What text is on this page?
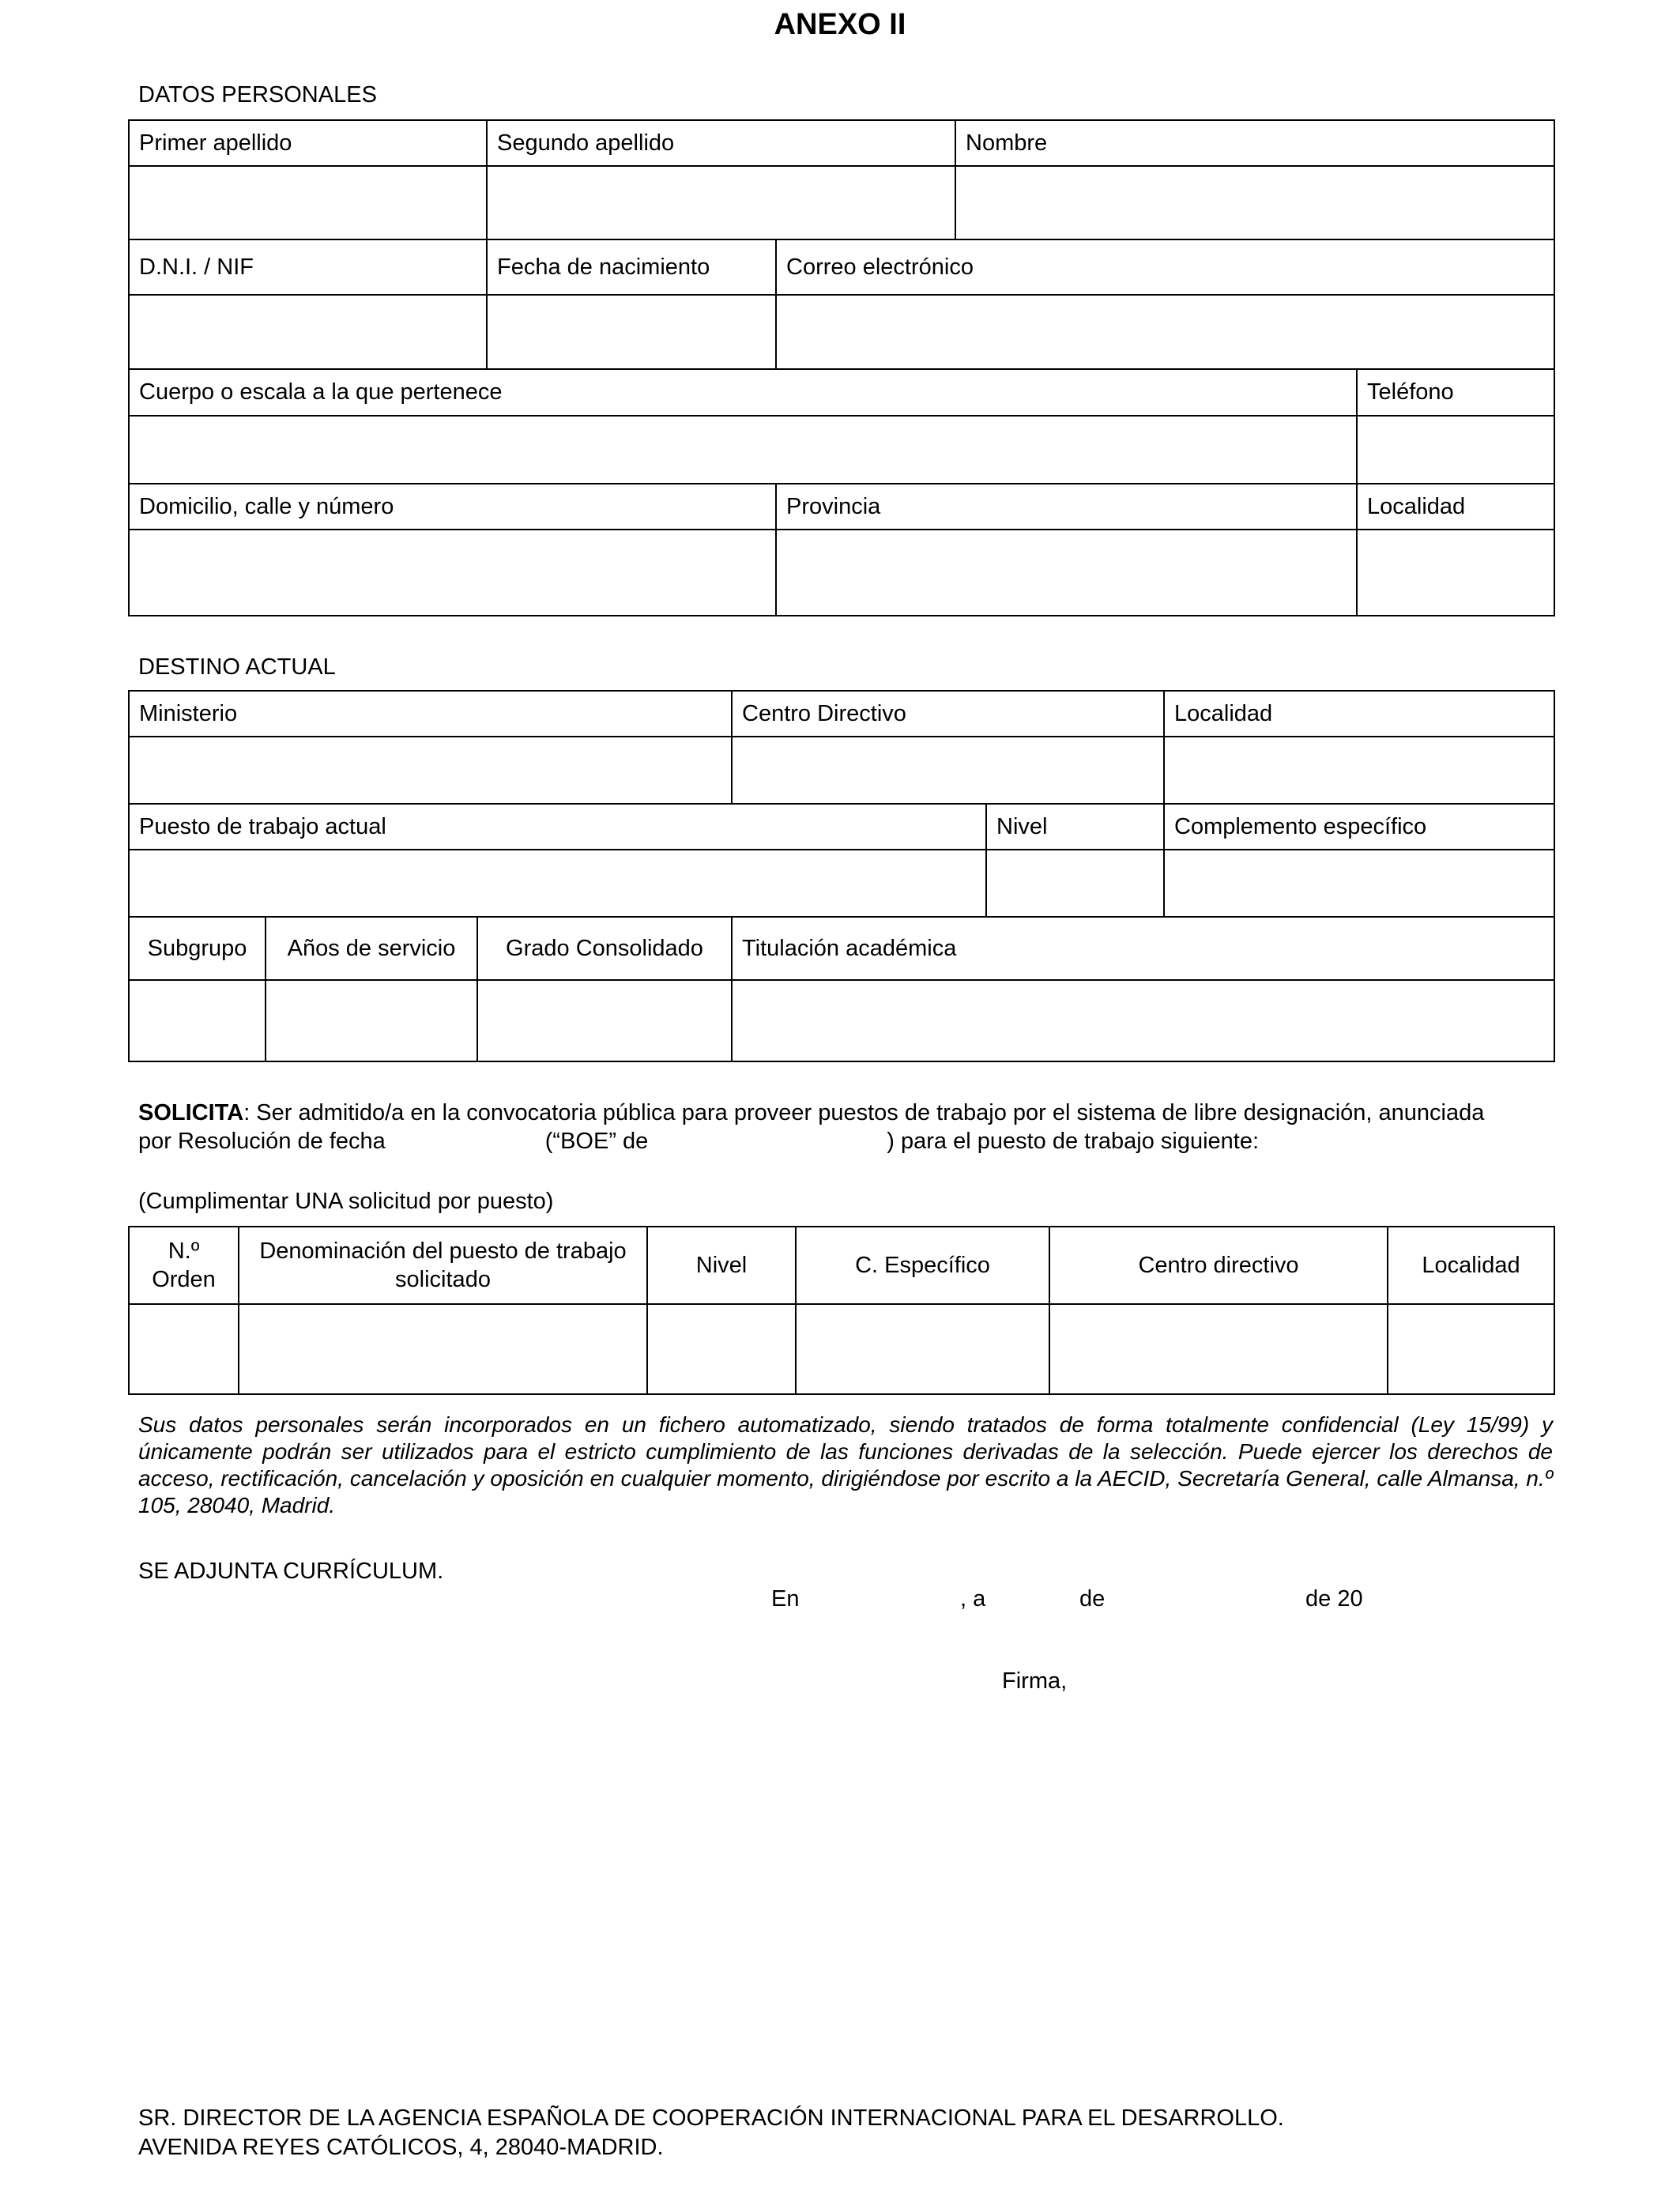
ANEXO II
DATOS PERSONALES
Primer apellido	Segundo apellido		Nombre	

D.N.I. / NIF	Fecha de nacimiento	Correo electrónico		

Cuerpo o escala a la que pertenece				Teléfono

Domicilio, calle y número		Provincia		Localidad

DESTINO ACTUAL
Ministerio			Centro Directivo		Localidad

Puesto de trabajo actual				Nivel	Complemento específico

Subgrupo	Años de servicio	Grado Consolidado	Titulación académica		

SOLICITA: Ser admitido/a en la convocatoria pública para proveer puestos de trabajo por el sistema de libre designación, anunciada
por Resolución de fecha	(“BOE” de	) para el puesto de trabajo siguiente:
(Cumplimentar UNA solicitud por puesto)
N.º Orden	Denominación del puesto de trabajo solicitado	Nivel	C. Específico	Centro directivo	Localidad

Sus datos personales serán incorporados en un fichero automatizado, siendo tratados de forma totalmente confidencial (Ley 15/99) y únicamente podrán ser utilizados para el estricto cumplimiento de las funciones derivadas de la selección. Puede ejercer los derechos de acceso, rectificación, cancelación y oposición en cualquier momento, dirigiéndose por escrito a la AECID, Secretaría General, calle Almansa, n.º 105, 28040, Madrid.
SE ADJUNTA CURRÍCULUM.
En	, a	de	de 20
Firma,
SR. DIRECTOR DE LA AGENCIA ESPAÑOLA DE COOPERACIÓN INTERNACIONAL PARA EL DESARROLLO.
AVENIDA REYES CATÓLICOS, 4, 28040-MADRID.
